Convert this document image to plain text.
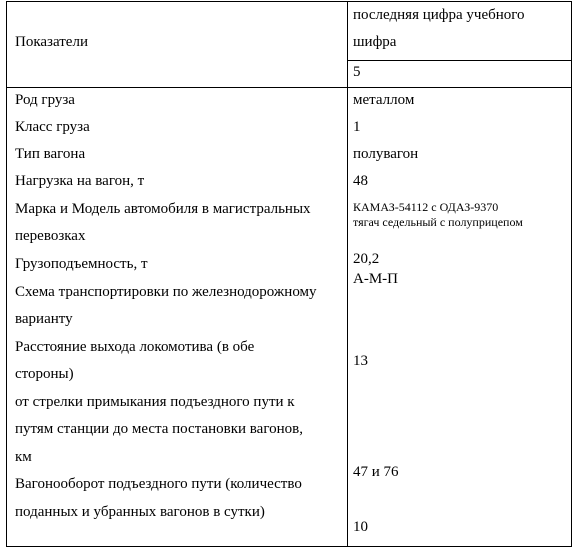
Показатели
последняя цифра учебного
шифра
5
Род груза
Класс груза
Тип вагона
Нагрузка на вагон, т
Марка и Модель автомобиля в магистральных
перевозках
Грузоподъемность, т
Схема транспортировки по железнодорожному
варианту
Расстояние выхода локомотива (в обе
стороны)
от стрелки примыкания подъездного пути к
путям станции до места постановки вагонов,
км
Вагонооборот подъездного пути (количество
поданных и убранных вагонов в сутки)
металлом
1
полувагон
48
КАМАЗ-54112 с ОДАЗ-9370
тягач седельный с полуприцепом
20,2
А-М-П
13
47 и 76
10
